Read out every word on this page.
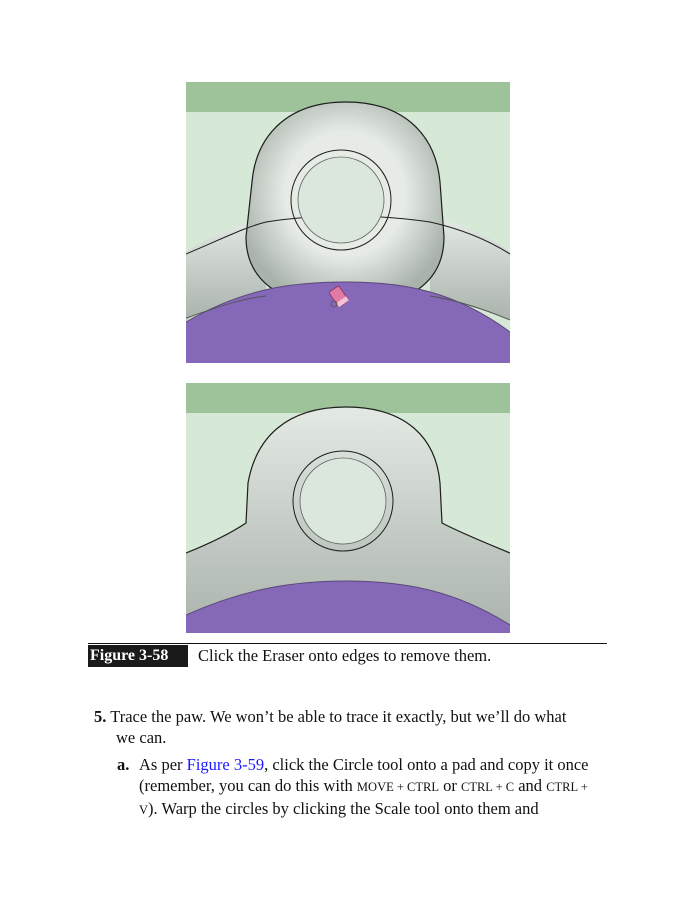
Figure 3-58	Click the Eraser onto edges to remove them.
5. Trace the paw. We won’t be able to trace it exactly, but we’ll do what
we can.
a. As per Figure 3-59, click the Circle tool onto a pad and copy it once
(remember, you can do this with MOVE + CTRL or CTRL + C and CTRL +
V). Warp the circles by clicking the Scale tool onto them and
